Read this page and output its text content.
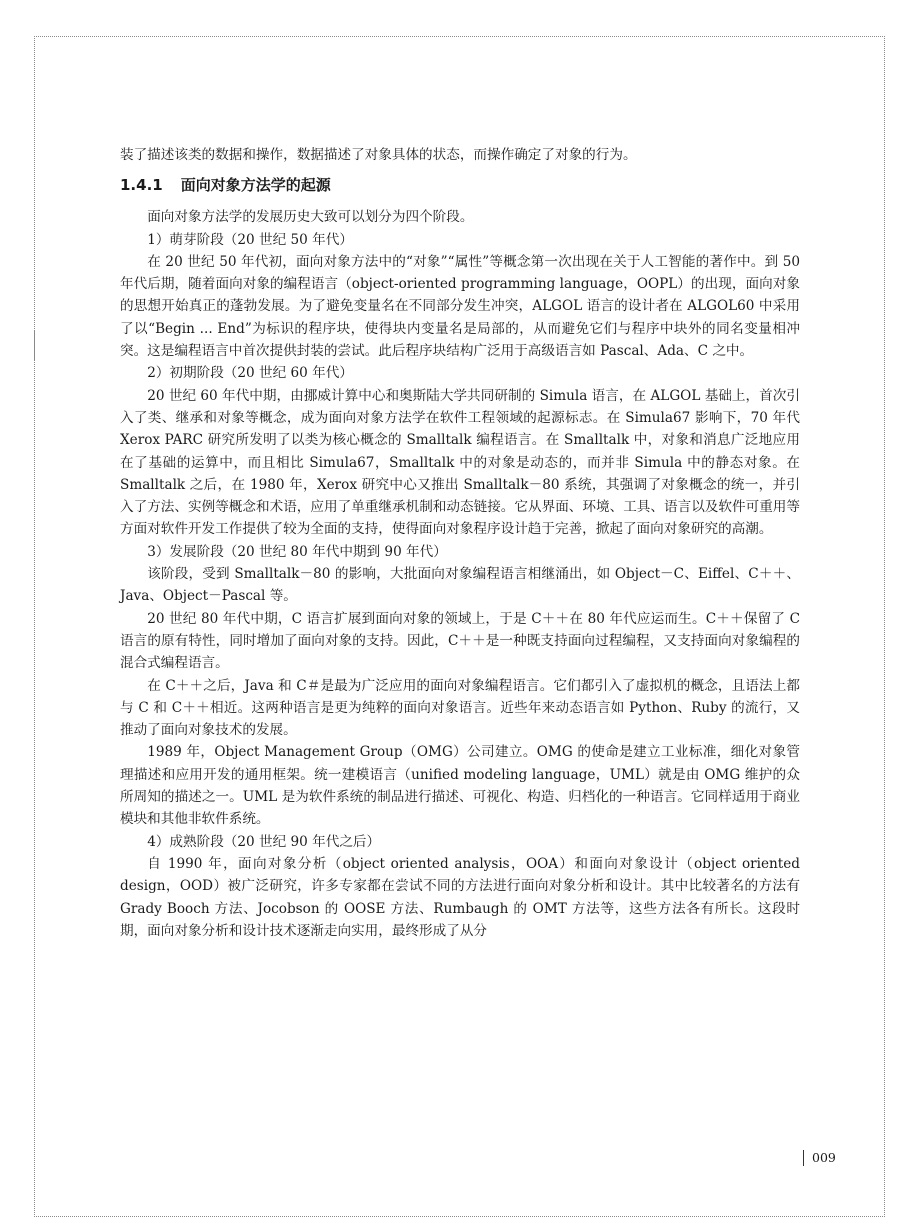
装了描述该类的数据和操作，数据描述了对象具体的状态，而操作确定了对象的行为。

1.4.1 面向对象方法学的起源

面向对象方法学的发展历史大致可以划分为四个阶段。

1）萌芽阶段（20 世纪 50 年代）

在 20 世纪 50 年代初，面向对象方法中的“对象”“属性”等概念第一次出现在关于人工智能的著作中。到 50 年代后期，随着面向对象的编程语言（object-oriented programming language，OOPL）的出现，面向对象的思想开始真正的蓬勃发展。为了避免变量名在不同部分发生冲突，ALGOL 语言的设计者在 ALGOL60 中采用了以“Begin ... End”为标识的程序块，使得块内变量名是局部的，从而避免它们与程序中块外的同名变量相冲突。这是编程语言中首次提供封装的尝试。此后程序块结构广泛用于高级语言如 Pascal、Ada、C 之中。

2）初期阶段（20 世纪 60 年代）

20 世纪 60 年代中期，由挪威计算中心和奥斯陆大学共同研制的 Simula 语言，在 ALGOL 基础上，首次引入了类、继承和对象等概念，成为面向对象方法学在软件工程领域的起源标志。在 Simula67 影响下，70 年代 Xerox PARC 研究所发明了以类为核心概念的 Smalltalk 编程语言。在 Smalltalk 中，对象和消息广泛地应用在了基础的运算中，而且相比 Simula67，Smalltalk 中的对象是动态的，而并非 Simula 中的静态对象。在 Smalltalk 之后，在 1980 年，Xerox 研究中心又推出 Smalltalk－80 系统，其强调了对象概念的统一，并引入了方法、实例等概念和术语，应用了单重继承机制和动态链接。它从界面、环境、工具、语言以及软件可重用等方面对软件开发工作提供了较为全面的支持，使得面向对象程序设计趋于完善，掀起了面向对象研究的高潮。

3）发展阶段（20 世纪 80 年代中期到 90 年代）

该阶段，受到 Smalltalk－80 的影响，大批面向对象编程语言相继涌出，如 Object－C、Eiffel、C＋＋、Java、Object－Pascal 等。

20 世纪 80 年代中期，C 语言扩展到面向对象的领域上，于是 C＋＋在 80 年代应运而生。C＋＋保留了 C 语言的原有特性，同时增加了面向对象的支持。因此，C＋＋是一种既支持面向过程编程，又支持面向对象编程的混合式编程语言。

在 C＋＋之后，Java 和 C＃是最为广泛应用的面向对象编程语言。它们都引入了虚拟机的概念，且语法上都与 C 和 C＋＋相近。这两种语言是更为纯粹的面向对象语言。近些年来动态语言如 Python、Ruby 的流行，又推动了面向对象技术的发展。

1989 年，Object Management Group（OMG）公司建立。OMG 的使命是建立工业标准，细化对象管理描述和应用开发的通用框架。统一建模语言（unified modeling language，UML）就是由 OMG 维护的众所周知的描述之一。UML 是为软件系统的制品进行描述、可视化、构造、归档化的一种语言。它同样适用于商业模块和其他非软件系统。

4）成熟阶段（20 世纪 90 年代之后）

自 1990 年，面向对象分析（object oriented analysis，OOA）和面向对象设计（object oriented design，OOD）被广泛研究，许多专家都在尝试不同的方法进行面向对象分析和设计。其中比较著名的方法有 Grady Booch 方法、Jocobson 的 OOSE 方法、Rumbaugh 的 OMT 方法等，这些方法各有所长。这段时期，面向对象分析和设计技术逐渐走向实用，最终形成了从分

009
